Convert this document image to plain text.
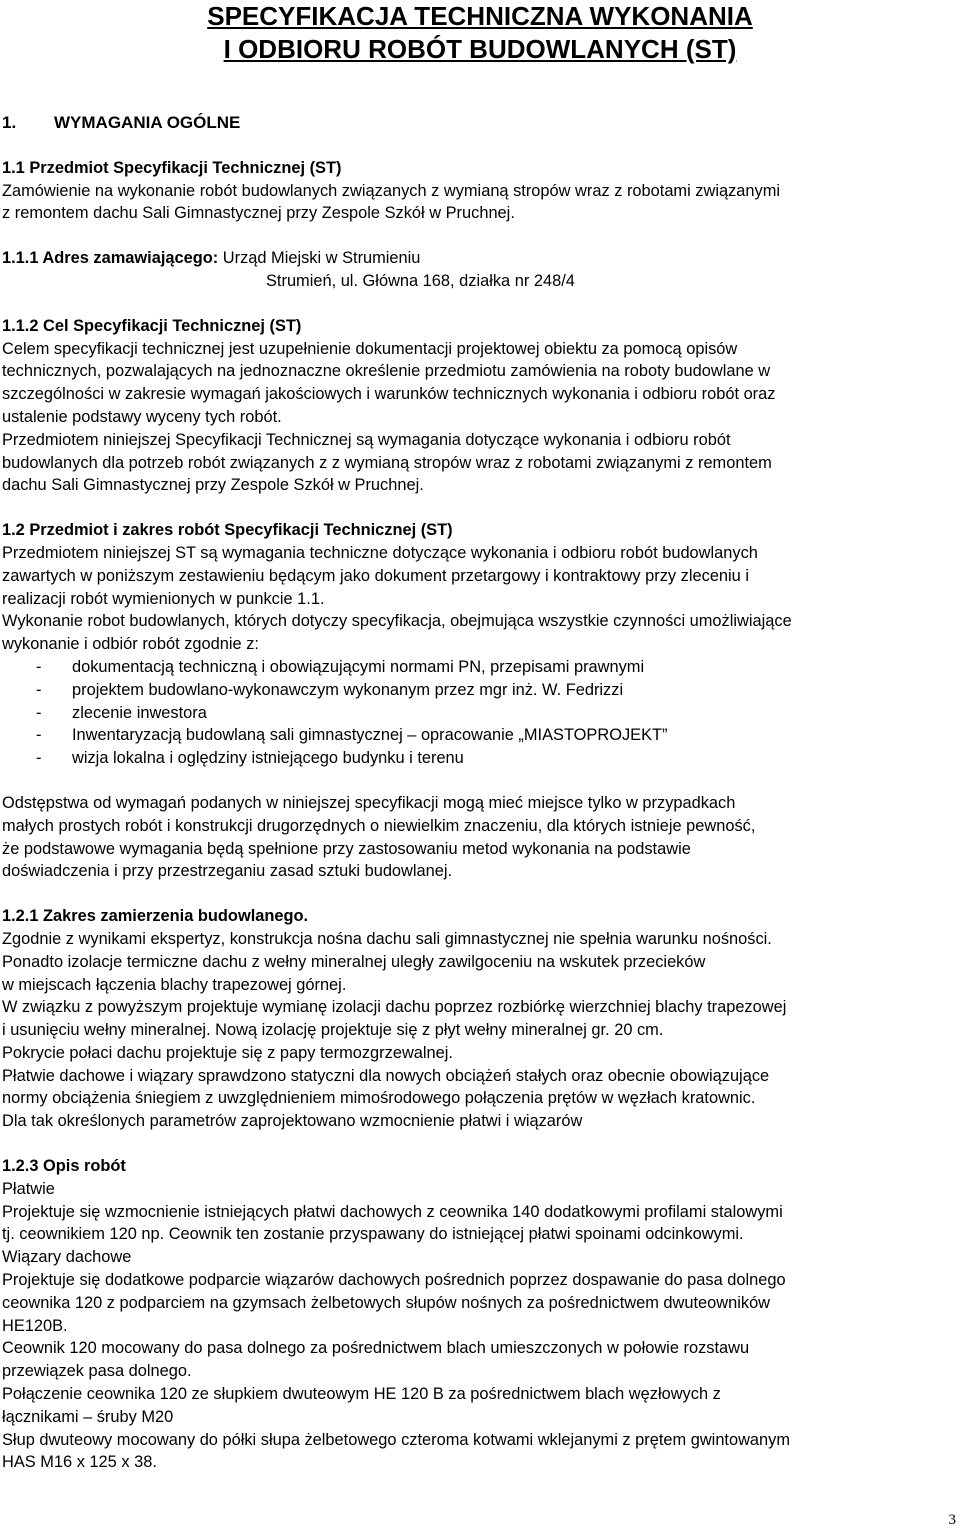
SPECYFIKACJA TECHNICZNA WYKONANIA
I ODBIORU ROBÓT BUDOWLANYCH (ST)
1. WYMAGANIA OGÓLNE
1.1 Przedmiot Specyfikacji Technicznej (ST)
Zamówienie na wykonanie robót budowlanych związanych z wymianą stropów wraz z robotami związanymi
z remontem dachu Sali Gimnastycznej przy Zespole Szkół w Pruchnej.
1.1.1 Adres zamawiającego: Urząd Miejski w Strumieniu
Strumień, ul. Główna 168, działka nr 248/4
1.1.2 Cel Specyfikacji Technicznej (ST)
Celem specyfikacji technicznej jest uzupełnienie dokumentacji projektowej obiektu za pomocą opisów
technicznych, pozwalających na jednoznaczne określenie przedmiotu zamówienia na roboty budowlane w
szczególności w zakresie wymagań jakościowych i warunków technicznych wykonania i odbioru robót oraz
ustalenie podstawy wyceny tych robót.
Przedmiotem niniejszej Specyfikacji Technicznej są wymagania dotyczące wykonania i odbioru robót
budowlanych dla potrzeb robót związanych z z wymianą stropów wraz z robotami związanymi z remontem
dachu Sali Gimnastycznej przy Zespole Szkół w Pruchnej.
1.2 Przedmiot i zakres robót Specyfikacji Technicznej (ST)
Przedmiotem niniejszej ST są wymagania techniczne dotyczące wykonania i odbioru robót budowlanych
zawartych w poniższym zestawieniu będącym jako dokument przetargowy i kontraktowy przy zleceniu i
realizacji robót wymienionych w punkcie 1.1.
Wykonanie robot budowlanych, których dotyczy specyfikacja, obejmująca wszystkie czynności umożliwiające
wykonanie i odbiór robót zgodnie z:
- dokumentacją techniczną i obowiązującymi normami PN, przepisami prawnymi
- projektem budowlano-wykonawczym wykonanym przez mgr inż. W. Fedrizzi
- zlecenie inwestora
- Inwentaryzacją budowlaną sali gimnastycznej – opracowanie „MIASTOPROJEKT”
- wizja lokalna i oględziny istniejącego budynku i terenu
Odstępstwa od wymagań podanych w niniejszej specyfikacji mogą mieć miejsce tylko w przypadkach
małych prostych robót i konstrukcji drugorzędnych o niewielkim znaczeniu, dla których istnieje pewność,
że podstawowe wymagania będą spełnione przy zastosowaniu metod wykonania na podstawie
doświadczenia i przy przestrzeganiu zasad sztuki budowlanej.
1.2.1 Zakres zamierzenia budowlanego.
Zgodnie z wynikami ekspertyz, konstrukcja nośna dachu sali gimnastycznej nie spełnia warunku nośności.
Ponadto izolacje termiczne dachu z wełny mineralnej uległy zawilgoceniu na wskutek przecieków
w miejscach łączenia blachy trapezowej górnej.
W związku z powyższym projektuje wymianę izolacji dachu poprzez rozbiórkę wierzchniej blachy trapezowej
i usunięciu wełny mineralnej. Nową izolację projektuje się z płyt wełny mineralnej gr. 20 cm.
Pokrycie połaci dachu projektuje się z papy termozgrzewalnej.
Płatwie dachowe i wiązary sprawdzono statyczni dla nowych obciążeń stałych oraz obecnie obowiązujące
normy obciążenia śniegiem z uwzględnieniem mimośrodowego połączenia prętów w węzłach kratownic.
Dla tak określonych parametrów zaprojektowano wzmocnienie płatwi i wiązarów
1.2.3 Opis robót
Płatwie
Projektuje się wzmocnienie istniejących płatwi dachowych z ceownika 140 dodatkowymi profilami stalowymi
tj. ceownikiem 120 np. Ceownik ten zostanie przyspawany do istniejącej płatwi spoinami odcinkowymi.
Wiązary dachowe
Projektuje się dodatkowe podparcie wiązarów dachowych pośrednich poprzez dospawanie do pasa dolnego
ceownika 120 z podparciem na gzymsach żelbetowych słupów nośnych za pośrednictwem dwuteowników
HE120B.
Ceownik 120 mocowany do pasa dolnego za pośrednictwem blach umieszczonych w połowie rozstawu
przewiązek pasa dolnego.
Połączenie ceownika 120 ze słupkiem dwuteowym HE 120 B za pośrednictwem blach węzłowych z
łącznikami – śruby M20
Słup dwuteowy mocowany do półki słupa żelbetowego czteroma kotwami wklejanymi z prętem gwintowanym
HAS M16 x 125 x 38.
3
